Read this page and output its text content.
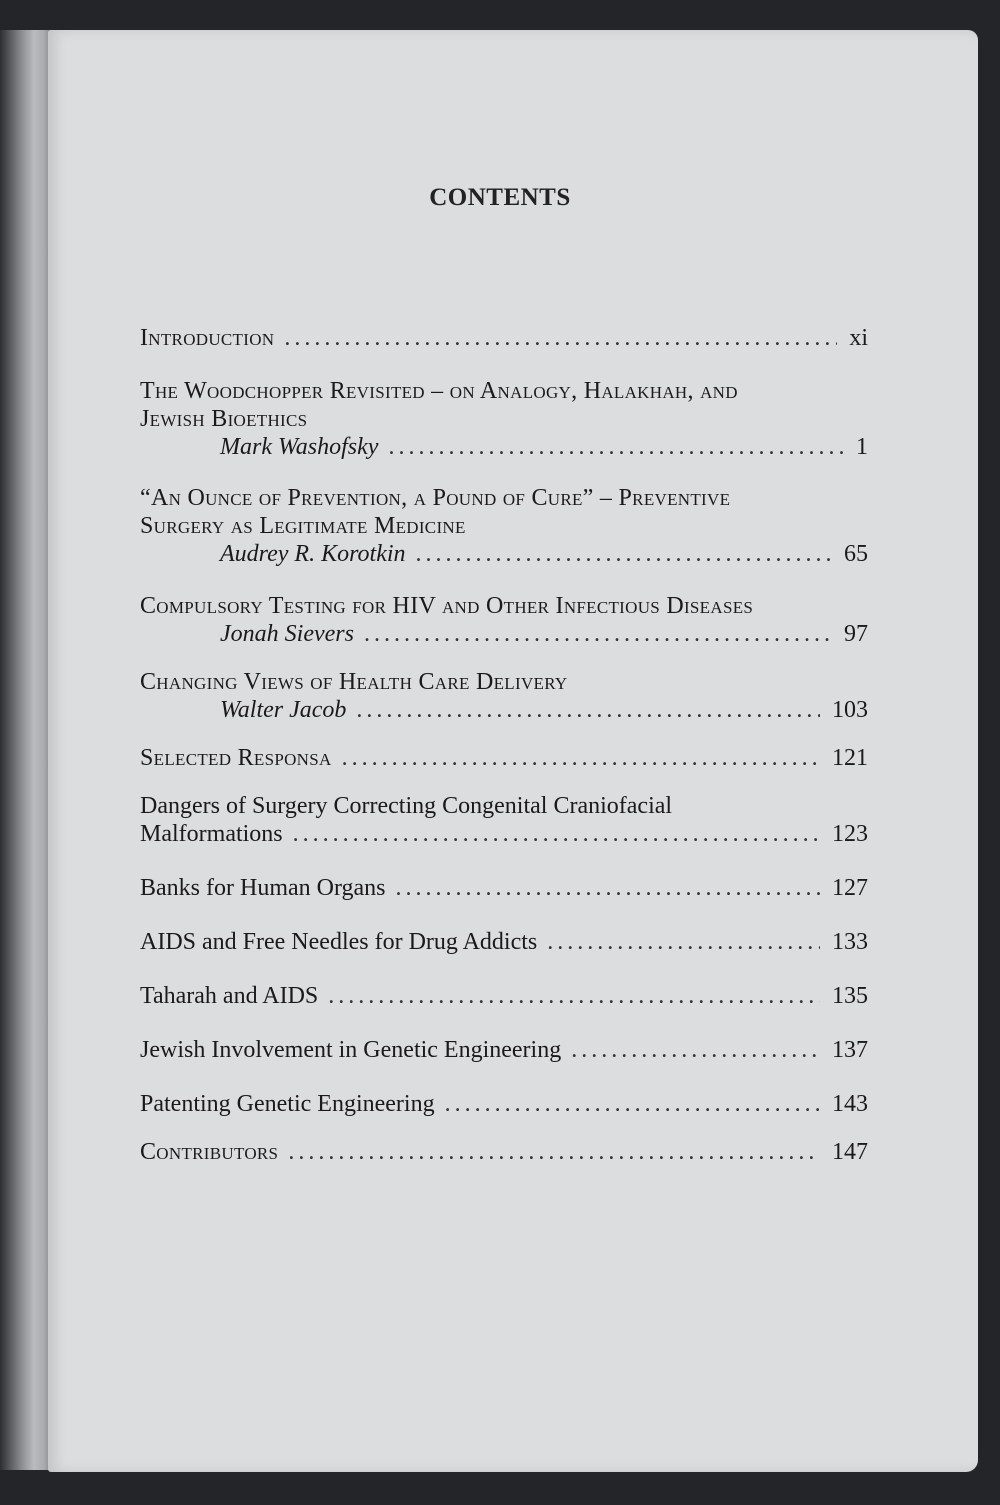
CONTENTS
Introduction .....	xi
The Woodchopper Revisited – on Analogy, Halakhah, and
Jewish Bioethics
Mark Washofsky .....	1
“An Ounce of Prevention, a Pound of Cure” – Preventive
Surgery as Legitimate Medicine
Audrey R. Korotkin .....	65
Compulsory Testing for HIV and Other Infectious Diseases
Jonah Sievers .....	97
Changing Views of Health Care Delivery
Walter Jacob .....	103
Selected Responsa .....	121
Dangers of Surgery Correcting Congenital Craniofacial
Malformations .....	123
Banks for Human Organs .....	127
AIDS and Free Needles for Drug Addicts .....	133
Taharah and AIDS .....	135
Jewish Involvement in Genetic Engineering .....	137
Patenting Genetic Engineering .....	143
Contributors .....	147
